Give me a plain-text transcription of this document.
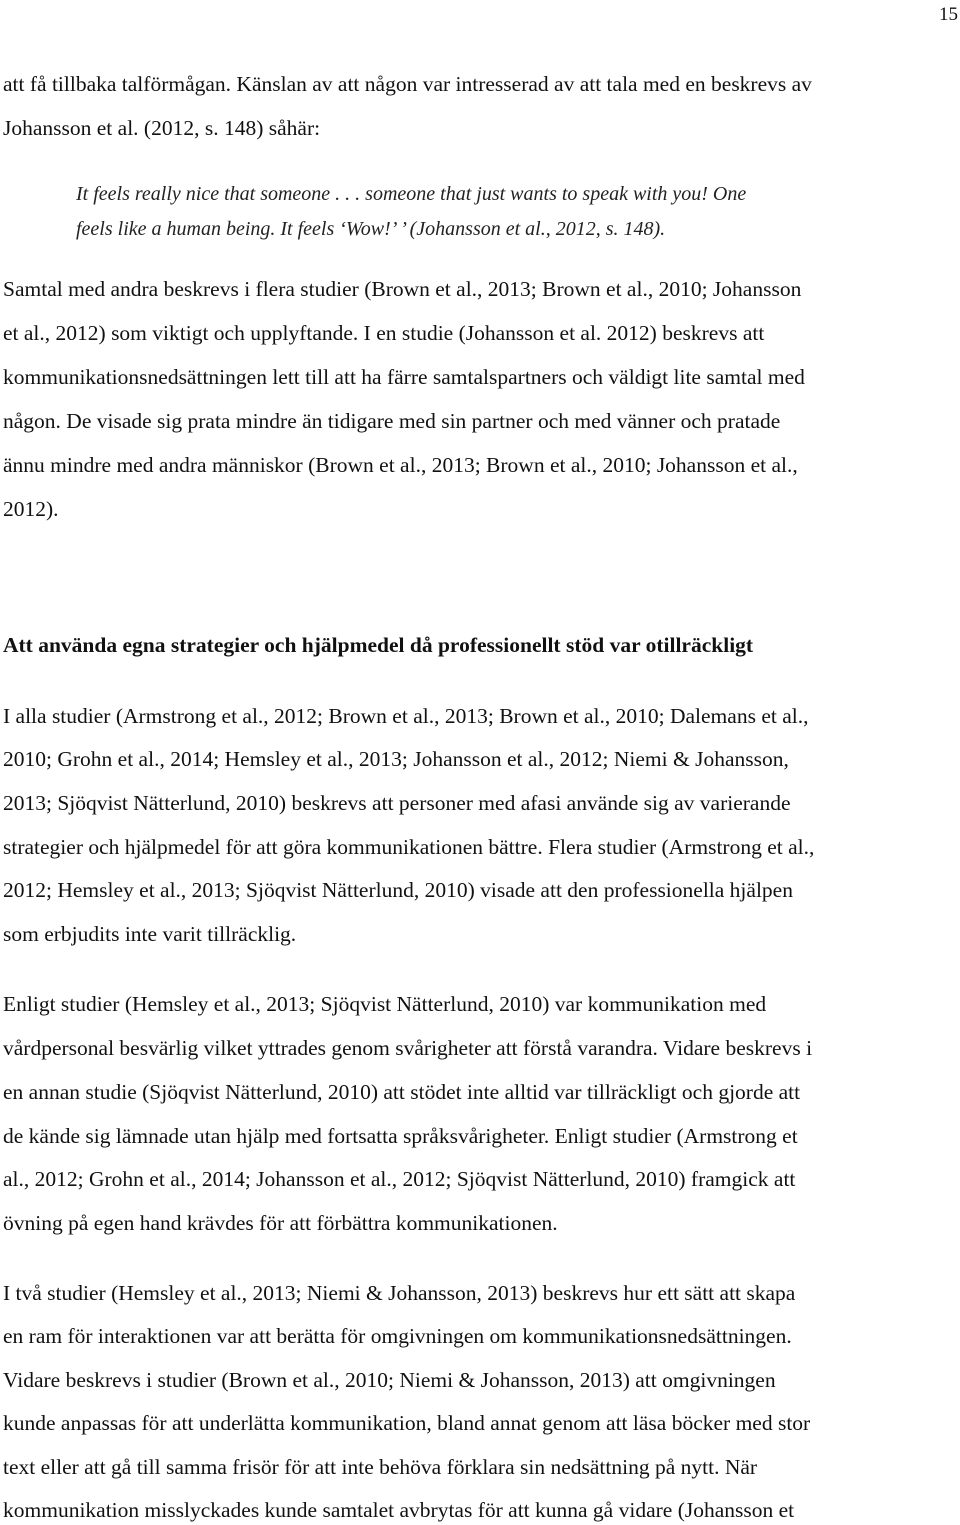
15
att få tillbaka talförmågan. Känslan av att någon var intresserad av att tala med en beskrevs av
Johansson et al. (2012, s. 148) såhär:
It feels really nice that someone . . . someone that just wants to speak with you! One
feels like a human being. It feels ‘Wow!’ ’ (Johansson et al., 2012, s. 148).
Samtal med andra beskrevs i flera studier (Brown et al., 2013; Brown et al., 2010; Johansson
et al., 2012) som viktigt och upplyftande. I en studie (Johansson et al. 2012) beskrevs att
kommunikationsnedsättningen lett till att ha färre samtalspartners och väldigt lite samtal med
någon. De visade sig prata mindre än tidigare med sin partner och med vänner och pratade
ännu mindre med andra människor (Brown et al., 2013; Brown et al., 2010; Johansson et al.,
2012).
Att använda egna strategier och hjälpmedel då professionellt stöd var otillräckligt
I alla studier (Armstrong et al., 2012; Brown et al., 2013; Brown et al., 2010; Dalemans et al.,
2010; Grohn et al., 2014; Hemsley et al., 2013; Johansson et al., 2012; Niemi & Johansson,
2013; Sjöqvist Nätterlund, 2010) beskrevs att personer med afasi använde sig av varierande
strategier och hjälpmedel för att göra kommunikationen bättre. Flera studier (Armstrong et al.,
2012; Hemsley et al., 2013; Sjöqvist Nätterlund, 2010) visade att den professionella hjälpen
som erbjudits inte varit tillräcklig.
Enligt studier (Hemsley et al., 2013; Sjöqvist Nätterlund, 2010) var kommunikation med
vårdpersonal besvärlig vilket yttrades genom svårigheter att förstå varandra. Vidare beskrevs i
en annan studie (Sjöqvist Nätterlund, 2010) att stödet inte alltid var tillräckligt och gjorde att
de kände sig lämnade utan hjälp med fortsatta språksvårigheter. Enligt studier (Armstrong et
al., 2012; Grohn et al., 2014; Johansson et al., 2012; Sjöqvist Nätterlund, 2010) framgick att
övning på egen hand krävdes för att förbättra kommunikationen.
I två studier (Hemsley et al., 2013; Niemi & Johansson, 2013) beskrevs hur ett sätt att skapa
en ram för interaktionen var att berätta för omgivningen om kommunikationsnedsättningen.
Vidare beskrevs i studier (Brown et al., 2010; Niemi & Johansson, 2013) att omgivningen
kunde anpassas för att underlätta kommunikation, bland annat genom att läsa böcker med stor
text eller att gå till samma frisör för att inte behöva förklara sin nedsättning på nytt. När
kommunikation misslyckades kunde samtalet avbrytas för att kunna gå vidare (Johansson et
